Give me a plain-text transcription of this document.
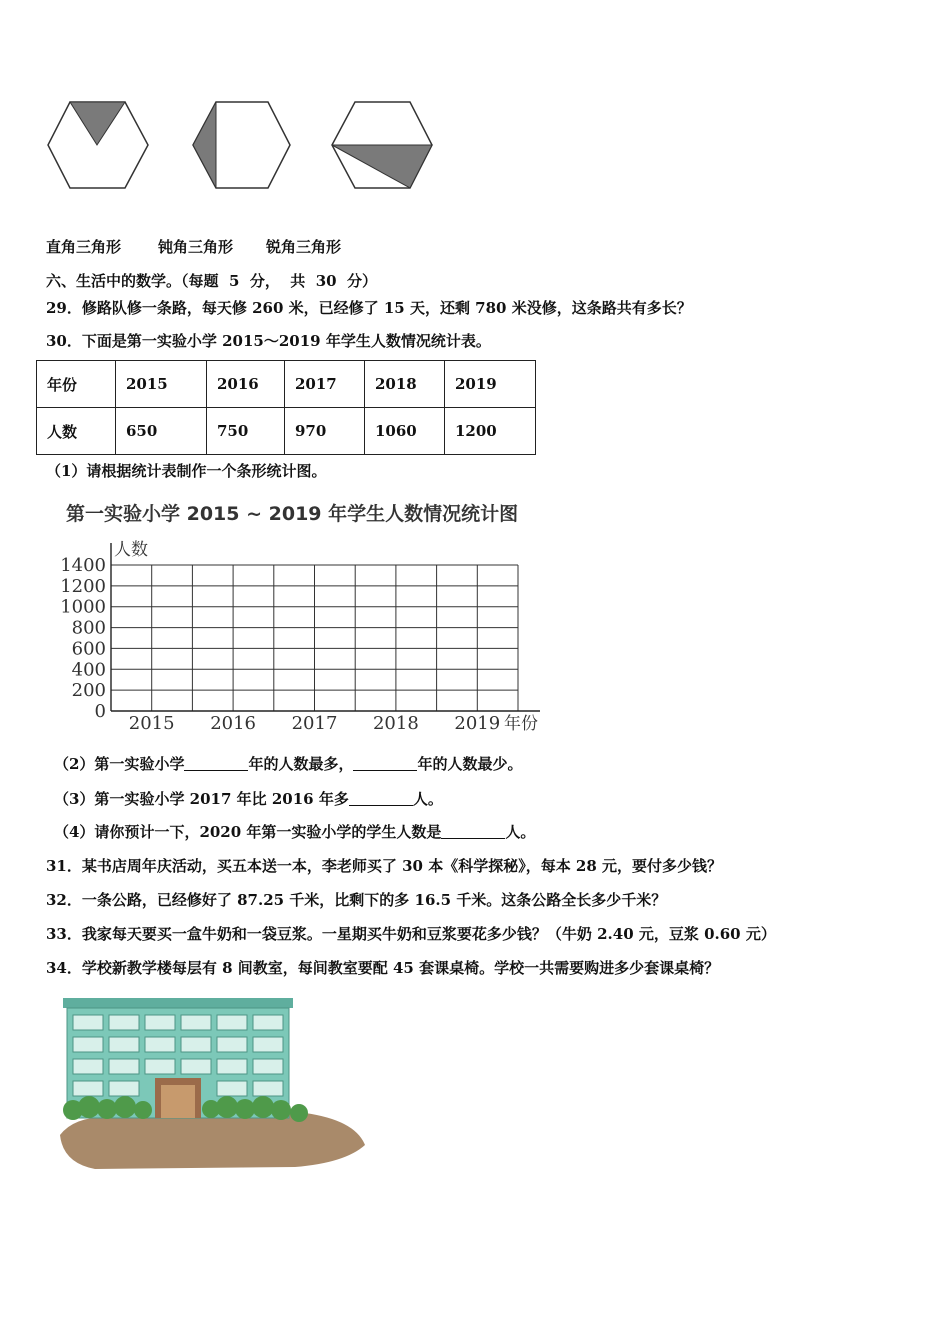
直角三角形 钝角三角形 锐角三角形
六、生活中的数学。（每题  5  分，  共  30  分）
29．修路队修一条路，每天修 260 米，已经修了 15 天，还剩 780 米没修，这条路共有多长？
30．下面是第一实验小学 2015～2019 年学生人数情况统计表。
年份	2015	2016	2017	2018	2019
人数	650	750	970	1060	1200
（1）请根据统计表制作一个条形统计图。
第一实验小学 2015 ~ 2019 年学生人数情况统计图
0
200
400
600
800
1000
1200
1400
人数
年份
2015 2016 2017 2018 2019
（2）第一实验小学	年的人数最多，	年的人数最少。
（3）第一实验小学 2017 年比 2016 年多	人。
（4）请你预计一下，2020 年第一实验小学的学生人数是	人。
31．某书店周年庆活动，买五本送一本，李老师买了 30 本《科学探秘》，每本 28 元，要付多少钱？
32．一条公路，已经修好了 87.25 千米，比剩下的多 16.5 千米。这条公路全长多少千米？
33．我家每天要买一盒牛奶和一袋豆浆。一星期买牛奶和豆浆要花多少钱？（牛奶 2.40 元，豆浆 0.60 元）
34．学校新教学楼每层有 8 间教室，每间教室要配 45 套课桌椅。学校一共需要购进多少套课桌椅？
